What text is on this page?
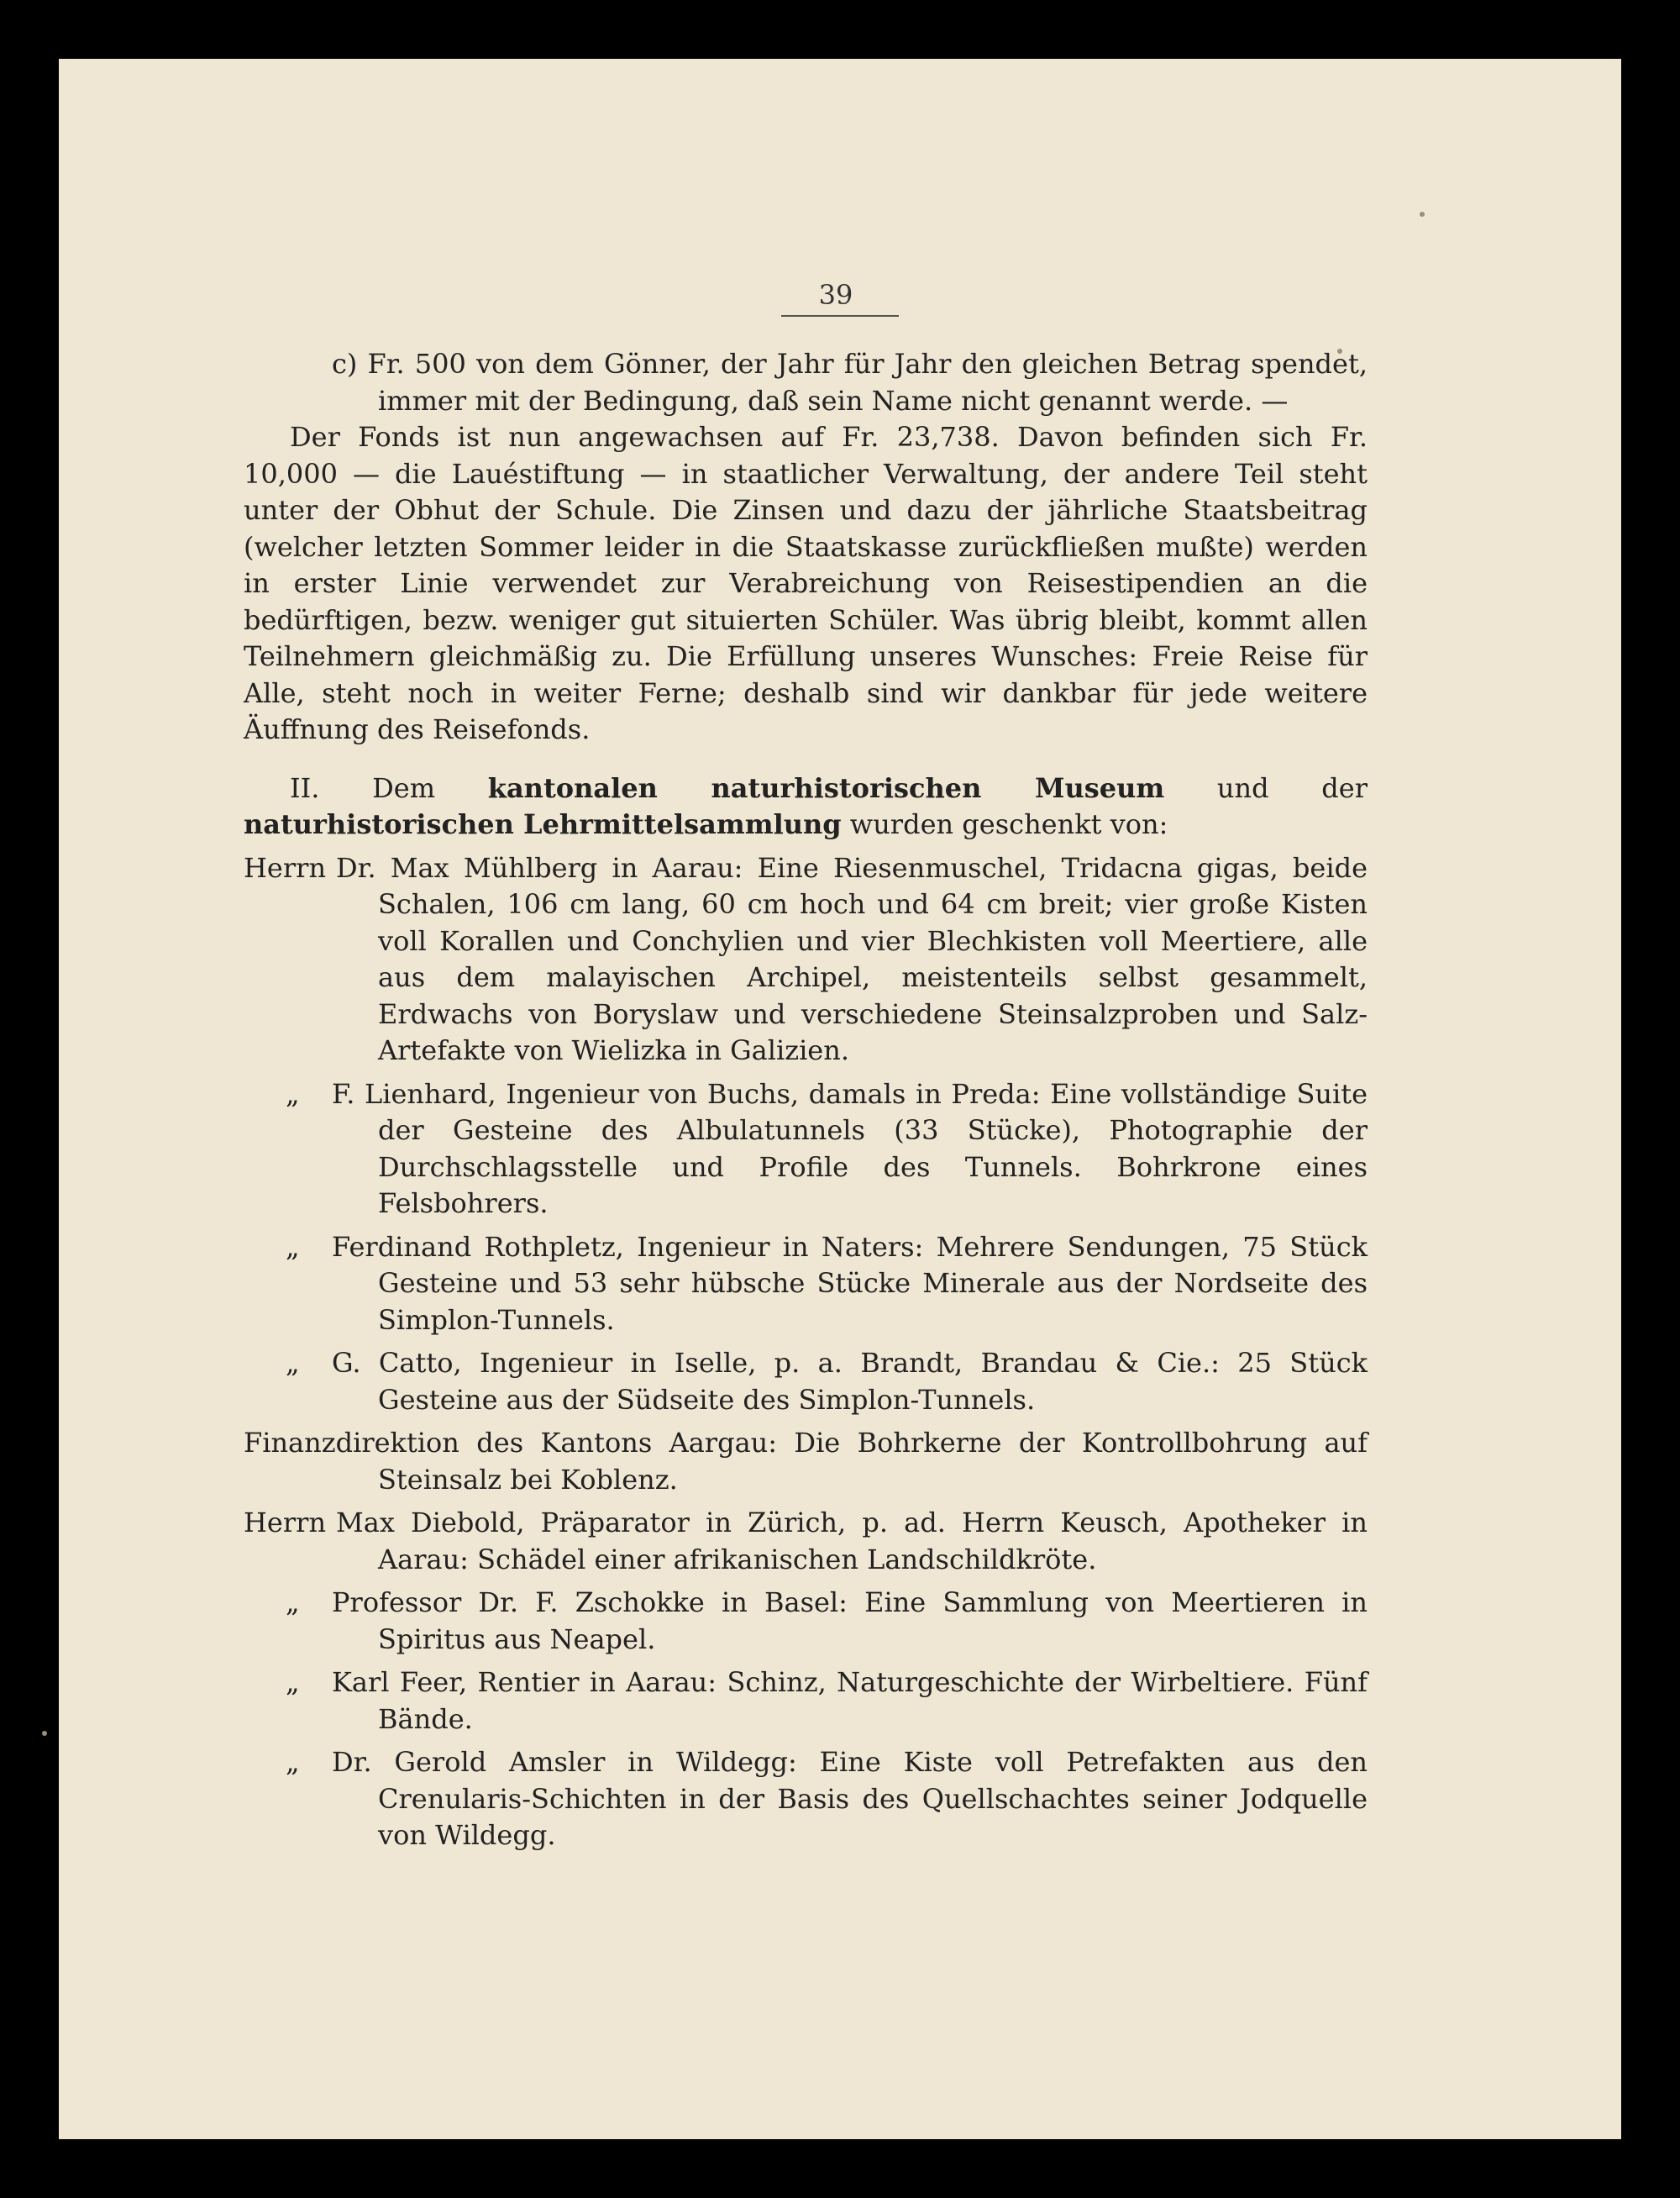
39

c) Fr. 500 von dem Gönner, der Jahr für Jahr den gleichen Betrag spendet, immer mit der Bedingung, daß sein Name nicht genannt werde. —

Der Fonds ist nun angewachsen auf Fr. 23,738. Davon befinden sich Fr. 10,000 — die Lauéstiftung — in staatlicher Verwaltung, der andere Teil steht unter der Obhut der Schule. Die Zinsen und dazu der jährliche Staatsbeitrag (welcher letzten Sommer leider in die Staatskasse zurückfließen mußte) werden in erster Linie verwendet zur Verabreichung von Reisestipendien an die bedürftigen, bezw. weniger gut situierten Schüler. Was übrig bleibt, kommt allen Teilnehmern gleichmäßig zu. Die Erfüllung unseres Wunsches: Freie Reise für Alle, steht noch in weiter Ferne; deshalb sind wir dankbar für jede weitere Äuffnung des Reisefonds.

II. Dem kantonalen naturhistorischen Museum und der naturhistorischen Lehrmittelsammlung wurden geschenkt von:

Herrn Dr. Max Mühlberg in Aarau: Eine Riesenmuschel, Tridacna gigas, beide Schalen, 106 cm lang, 60 cm hoch und 64 cm breit; vier große Kisten voll Korallen und Conchylien und vier Blechkisten voll Meertiere, alle aus dem malayischen Archipel, meistenteils selbst gesammelt, Erdwachs von Boryslaw und verschiedene Steinsalzproben und Salz-Artefakte von Wielizka in Galizien.

„ F. Lienhard, Ingenieur von Buchs, damals in Preda: Eine vollständige Suite der Gesteine des Albulatunnels (33 Stücke), Photographie der Durchschlagsstelle und Profile des Tunnels. Bohrkrone eines Felsbohrers.

„ Ferdinand Rothpletz, Ingenieur in Naters: Mehrere Sendungen, 75 Stück Gesteine und 53 sehr hübsche Stücke Minerale aus der Nordseite des Simplon-Tunnels.

„ G. Catto, Ingenieur in Iselle, p. a. Brandt, Brandau & Cie.: 25 Stück Gesteine aus der Südseite des Simplon-Tunnels.

Finanzdirektion des Kantons Aargau: Die Bohrkerne der Kontrollbohrung auf Steinsalz bei Koblenz.

Herrn Max Diebold, Präparator in Zürich, p. ad. Herrn Keusch, Apotheker in Aarau: Schädel einer afrikanischen Landschildkröte.

„ Professor Dr. F. Zschokke in Basel: Eine Sammlung von Meertieren in Spiritus aus Neapel.

„ Karl Feer, Rentier in Aarau: Schinz, Naturgeschichte der Wirbeltiere. Fünf Bände.

„ Dr. Gerold Amsler in Wildegg: Eine Kiste voll Petrefakten aus den Crenularis-Schichten in der Basis des Quellschachtes seiner Jodquelle von Wildegg.
